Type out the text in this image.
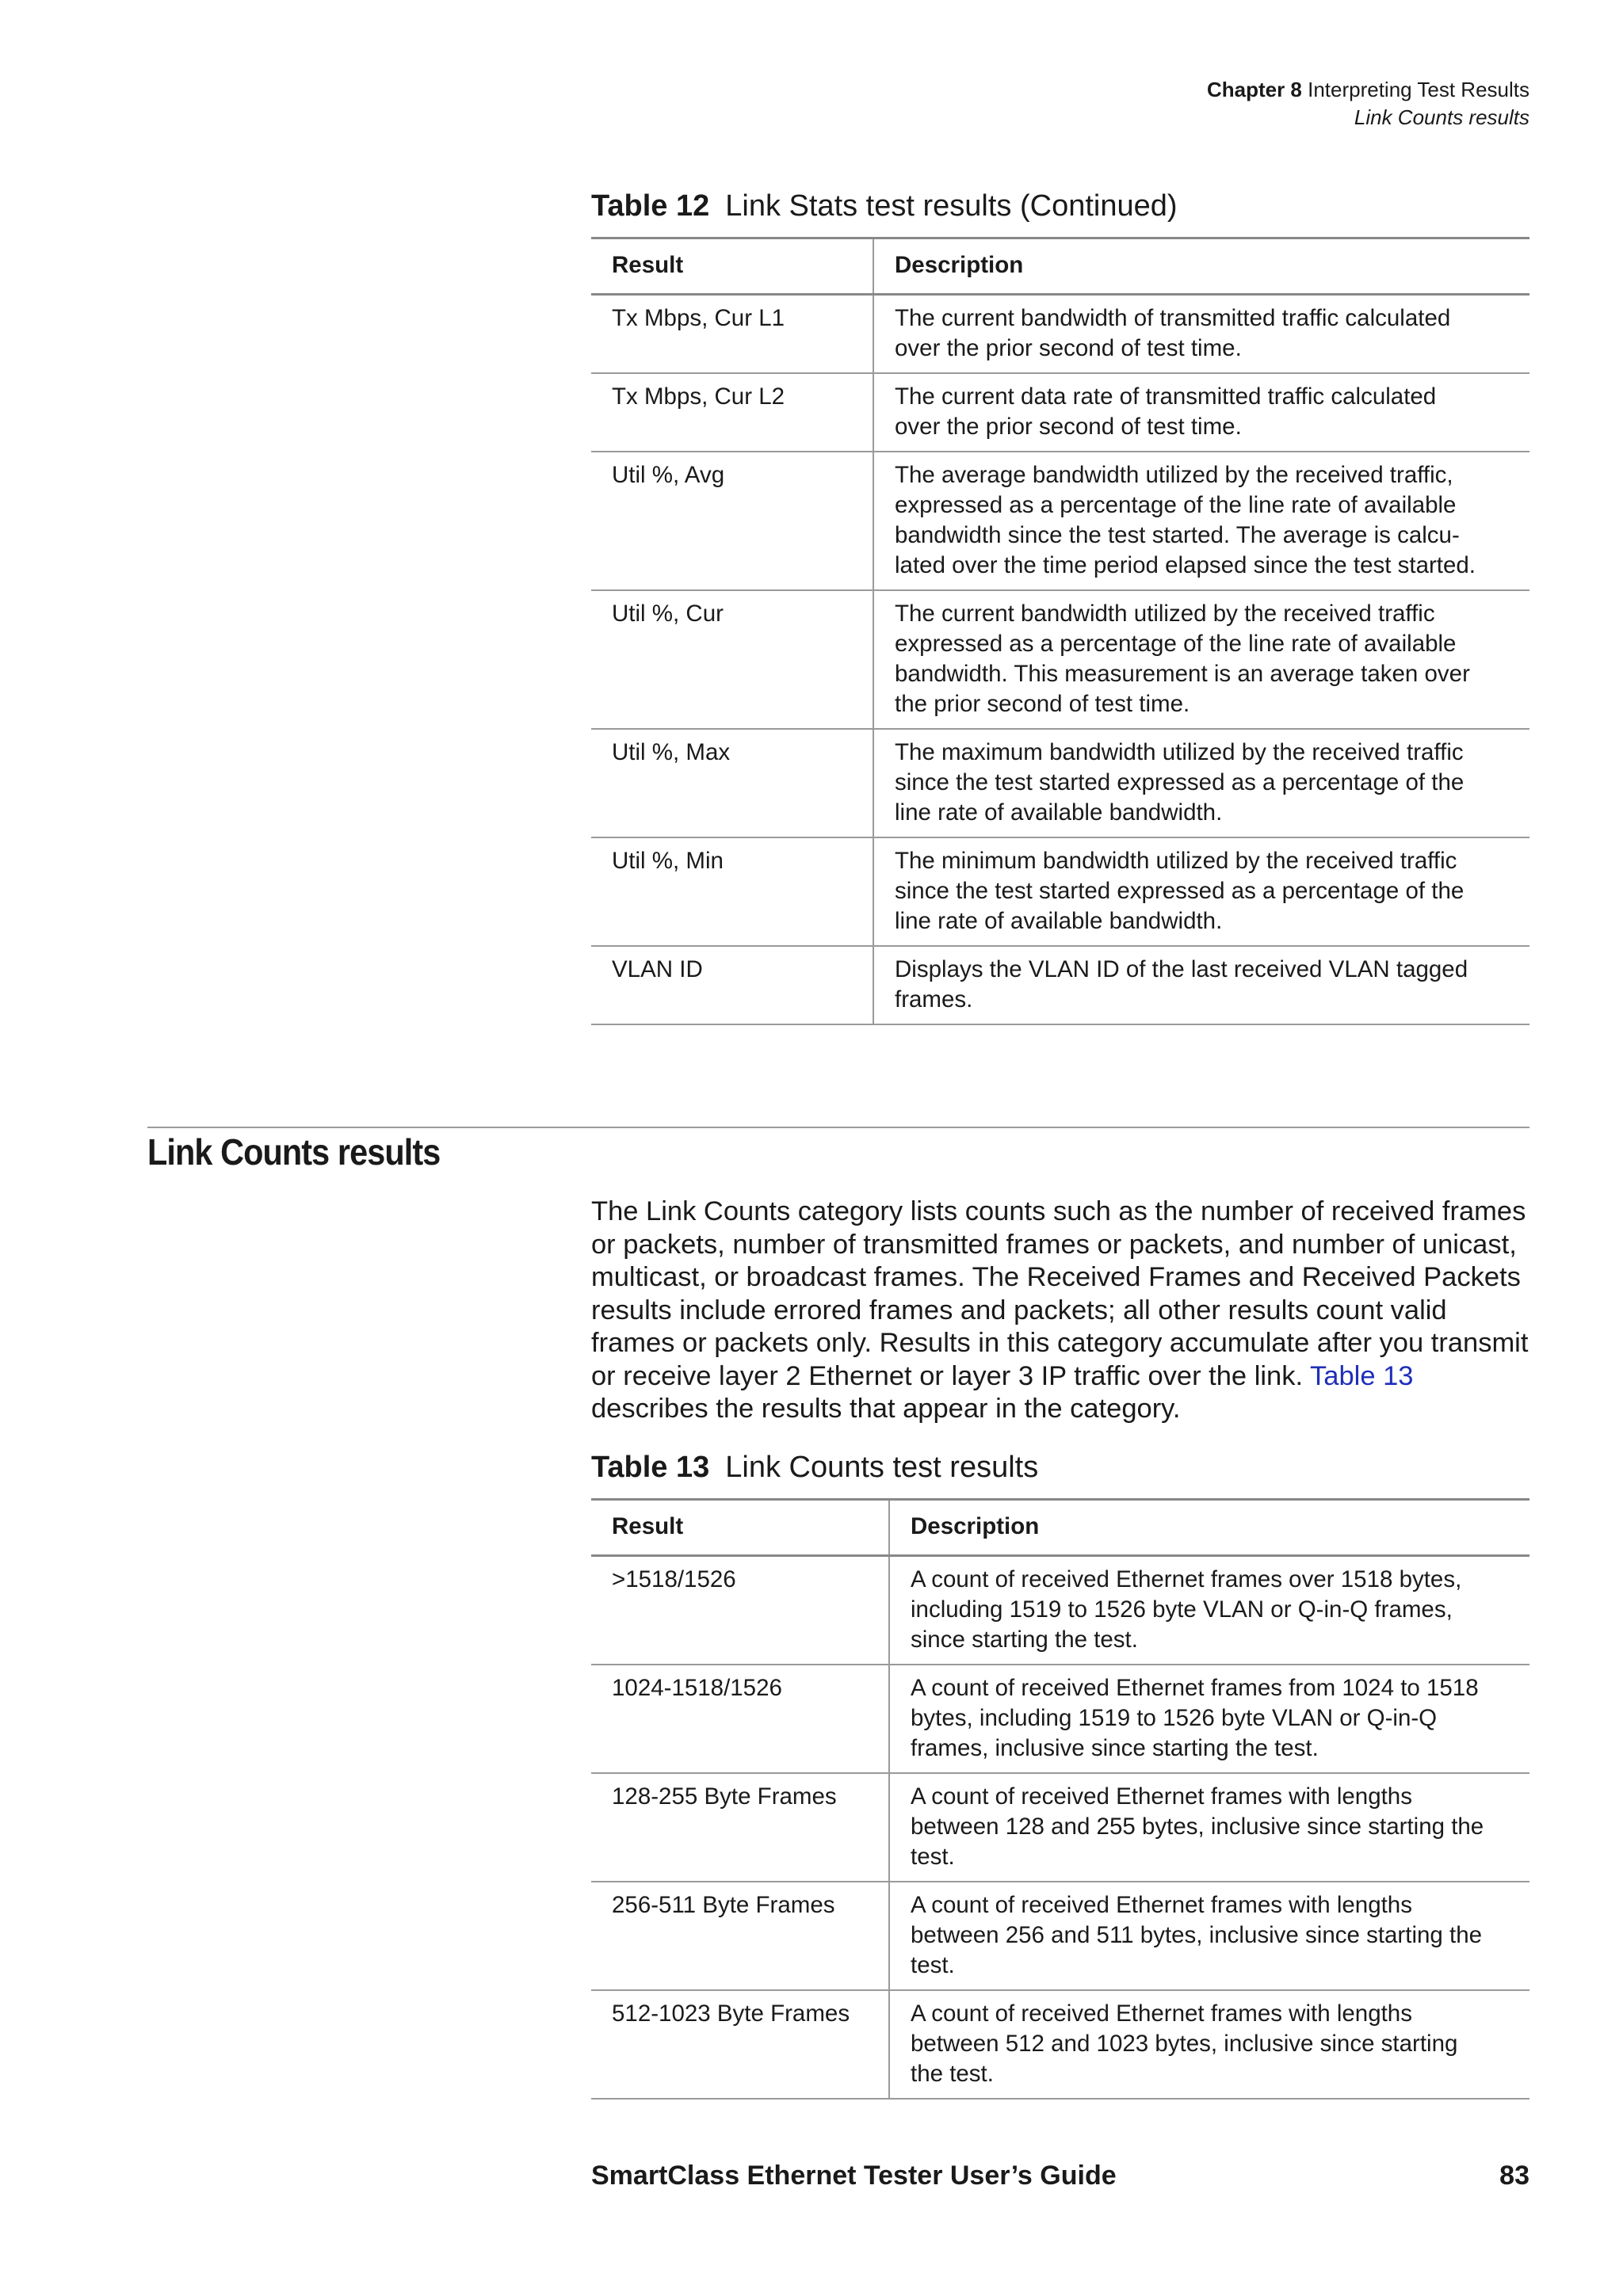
Chapter 8 Interpreting Test Results
Link Counts results
Table 12 Link Stats test results (Continued)
Result	Description
Tx Mbps, Cur L1	The current bandwidth of transmitted traffic calculated
over the prior second of test time.

Tx Mbps, Cur L2	The current data rate of transmitted traffic calculated
over the prior second of test time.

Util %, Avg	The average bandwidth utilized by the received traffic,
expressed as a percentage of the line rate of available
bandwidth since the test started. The average is calcu-
lated over the time period elapsed since the test started.

Util %, Cur	The current bandwidth utilized by the received traffic
expressed as a percentage of the line rate of available
bandwidth. This measurement is an average taken over
the prior second of test time.

Util %, Max	The maximum bandwidth utilized by the received traffic
since the test started expressed as a percentage of the
line rate of available bandwidth.

Util %, Min	The minimum bandwidth utilized by the received traffic
since the test started expressed as a percentage of the
line rate of available bandwidth.

VLAN ID	Displays the VLAN ID of the last received VLAN tagged
frames.
Link Counts results

The Link Counts category lists counts such as the number of received frames or packets, number of transmitted frames or packets, and number of unicast, multicast, or broadcast frames. The Received Frames and Received Packets results include errored frames and packets; all other results count valid frames or packets only. Results in this category accumulate after you transmit or receive layer 2 Ethernet or layer 3 IP traffic over the link. Table 13 describes the results that appear in the category.

Table 13 Link Counts test results
Result	Description
>1518/1526	A count of received Ethernet frames over 1518 bytes,
including 1519 to 1526 byte VLAN or Q-in-Q frames,
since starting the test.

1024-1518/1526	A count of received Ethernet frames from 1024 to 1518
bytes, including 1519 to 1526 byte VLAN or Q-in-Q
frames, inclusive since starting the test.

128-255 Byte Frames	A count of received Ethernet frames with lengths
between 128 and 255 bytes, inclusive since starting the
test.

256-511 Byte Frames	A count of received Ethernet frames with lengths
between 256 and 511 bytes, inclusive since starting the
test.

512-1023 Byte Frames	A count of received Ethernet frames with lengths
between 512 and 1023 bytes, inclusive since starting
the test.
SmartClass Ethernet Tester User’s Guide	83
